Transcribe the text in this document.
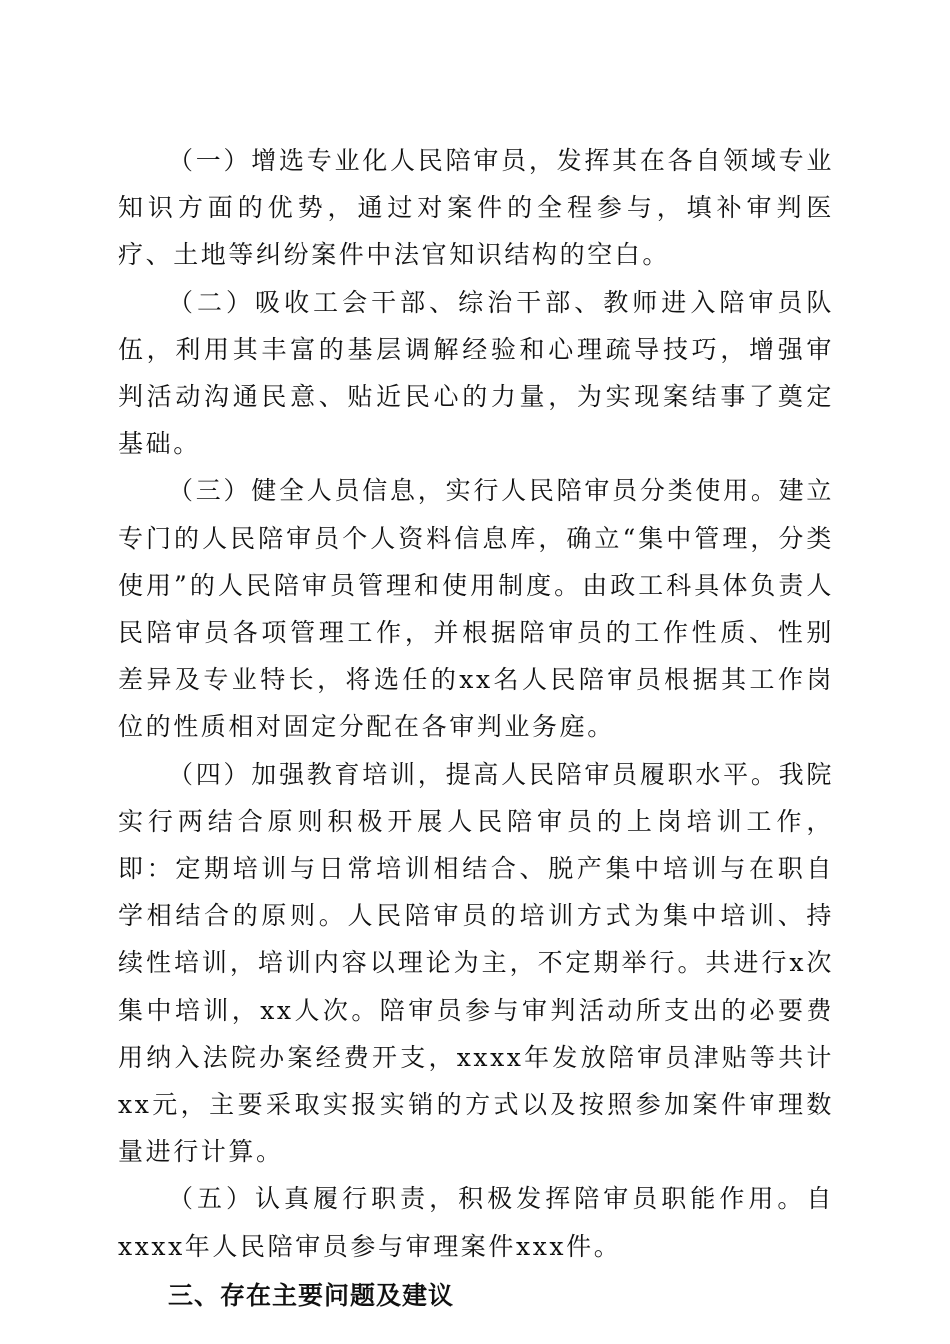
（一）增选专业化人民陪审员，发挥其在各自领域专业知识方面的优势，通过对案件的全程参与，填补审判医疗、土地等纠纷案件中法官知识结构的空白。

（二）吸收工会干部、综治干部、教师进入陪审员队伍，利用其丰富的基层调解经验和心理疏导技巧，增强审判活动沟通民意、贴近民心的力量，为实现案结事了奠定基础。

（三）健全人员信息，实行人民陪审员分类使用。建立专门的人民陪审员个人资料信息库，确立“集中管理，分类使用”的人民陪审员管理和使用制度。由政工科具体负责人民陪审员各项管理工作，并根据陪审员的工作性质、性别差异及专业特长，将选任的xx名人民陪审员根据其工作岗位的性质相对固定分配在各审判业务庭。

（四）加强教育培训，提高人民陪审员履职水平。我院实行两结合原则积极开展人民陪审员的上岗培训工作，即：定期培训与日常培训相结合、脱产集中培训与在职自学相结合的原则。人民陪审员的培训方式为集中培训、持续性培训，培训内容以理论为主，不定期举行。共进行x次集中培训，xx人次。陪审员参与审判活动所支出的必要费用纳入法院办案经费开支，xxxx年发放陪审员津贴等共计xx元，主要采取实报实销的方式以及按照参加案件审理数量进行计算。

（五）认真履行职责，积极发挥陪审员职能作用。自xxxx年人民陪审员参与审理案件xxx件。

三、存在主要问题及建议
